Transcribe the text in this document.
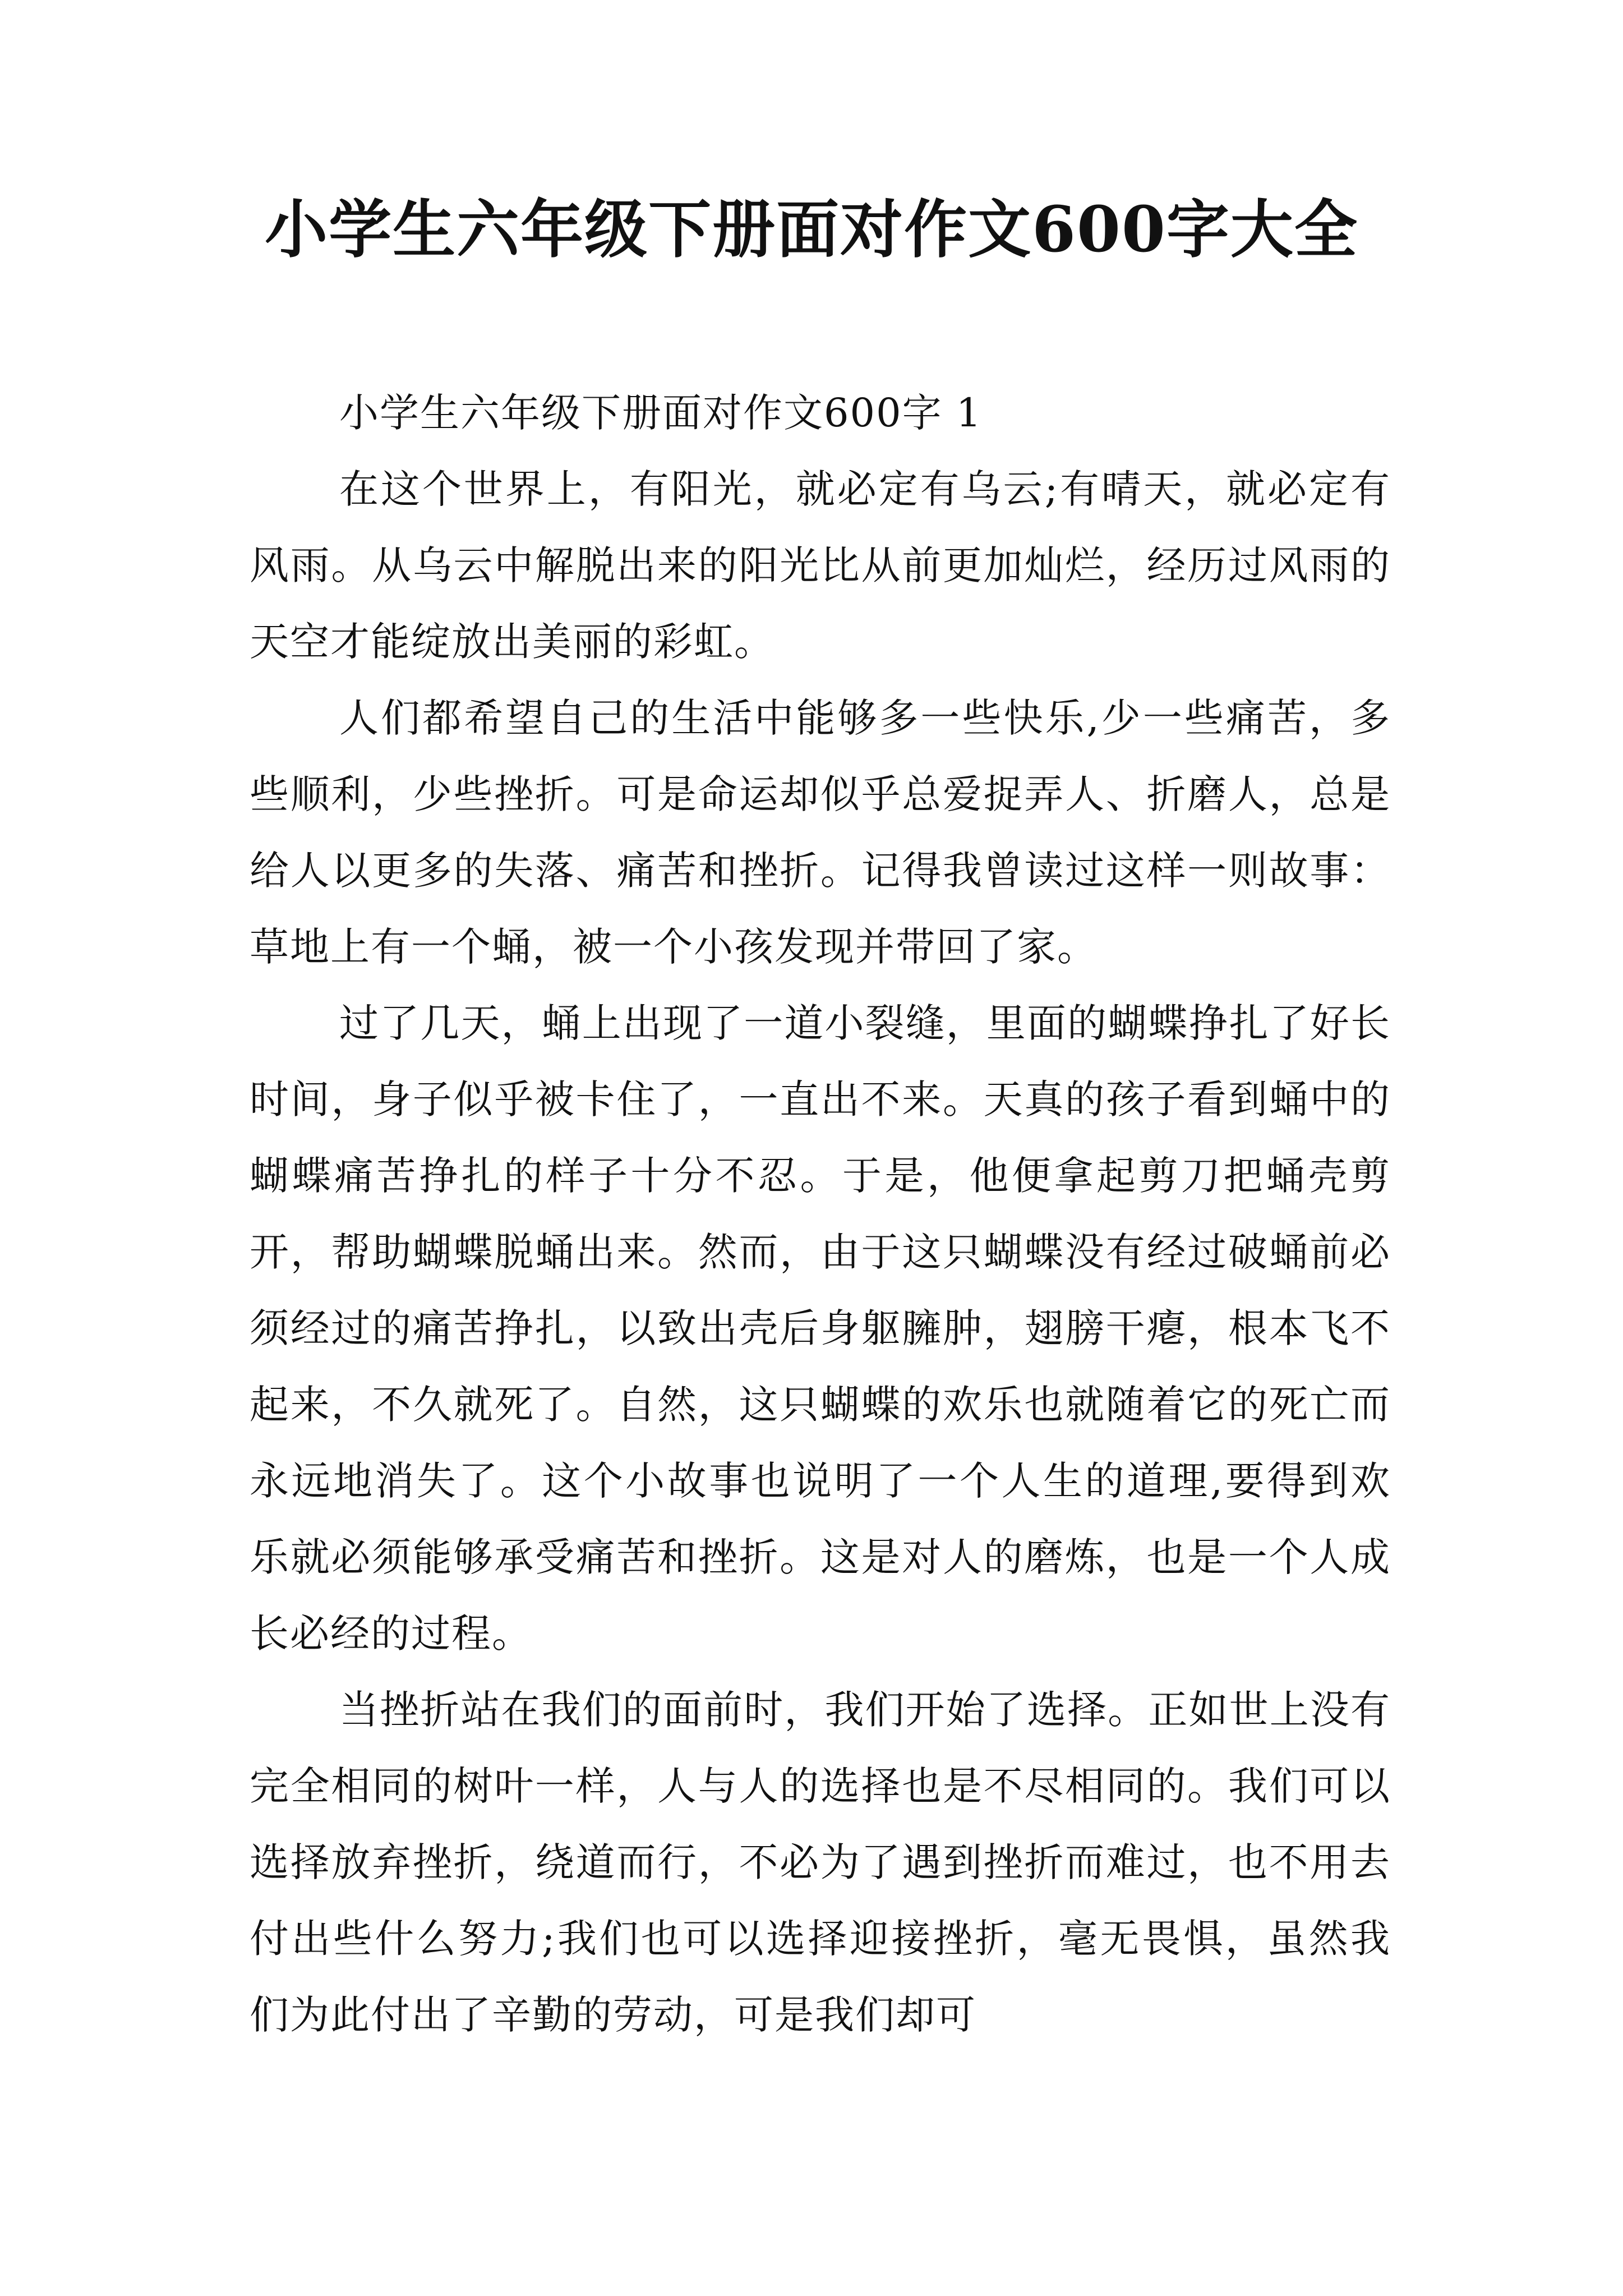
小学生六年级下册面对作文600字大全
小学生六年级下册面对作文600字 1

在这个世界上，有阳光，就必定有乌云;有晴天，就必定有风雨。从乌云中解脱出来的阳光比从前更加灿烂，经历过风雨的天空才能绽放出美丽的彩虹。

人们都希望自己的生活中能够多一些快乐,少一些痛苦，多些顺利，少些挫折。可是命运却似乎总爱捉弄人、折磨人，总是给人以更多的失落、痛苦和挫折。记得我曾读过这样一则故事：草地上有一个蛹，被一个小孩发现并带回了家。

过了几天，蛹上出现了一道小裂缝，里面的蝴蝶挣扎了好长时间，身子似乎被卡住了，一直出不来。天真的孩子看到蛹中的蝴蝶痛苦挣扎的样子十分不忍。于是，他便拿起剪刀把蛹壳剪开，帮助蝴蝶脱蛹出来。然而，由于这只蝴蝶没有经过破蛹前必须经过的痛苦挣扎，以致出壳后身躯臃肿，翅膀干瘪，根本飞不起来，不久就死了。自然，这只蝴蝶的欢乐也就随着它的死亡而永远地消失了。这个小故事也说明了一个人生的道理,要得到欢乐就必须能够承受痛苦和挫折。这是对人的磨炼，也是一个人成长必经的过程。

当挫折站在我们的面前时，我们开始了选择。正如世上没有完全相同的树叶一样，人与人的选择也是不尽相同的。我们可以选择放弃挫折，绕道而行，不必为了遇到挫折而难过，也不用去付出些什么努力;我们也可以选择迎接挫折，毫无畏惧，虽然我们为此付出了辛勤的劳动，可是我们却可
